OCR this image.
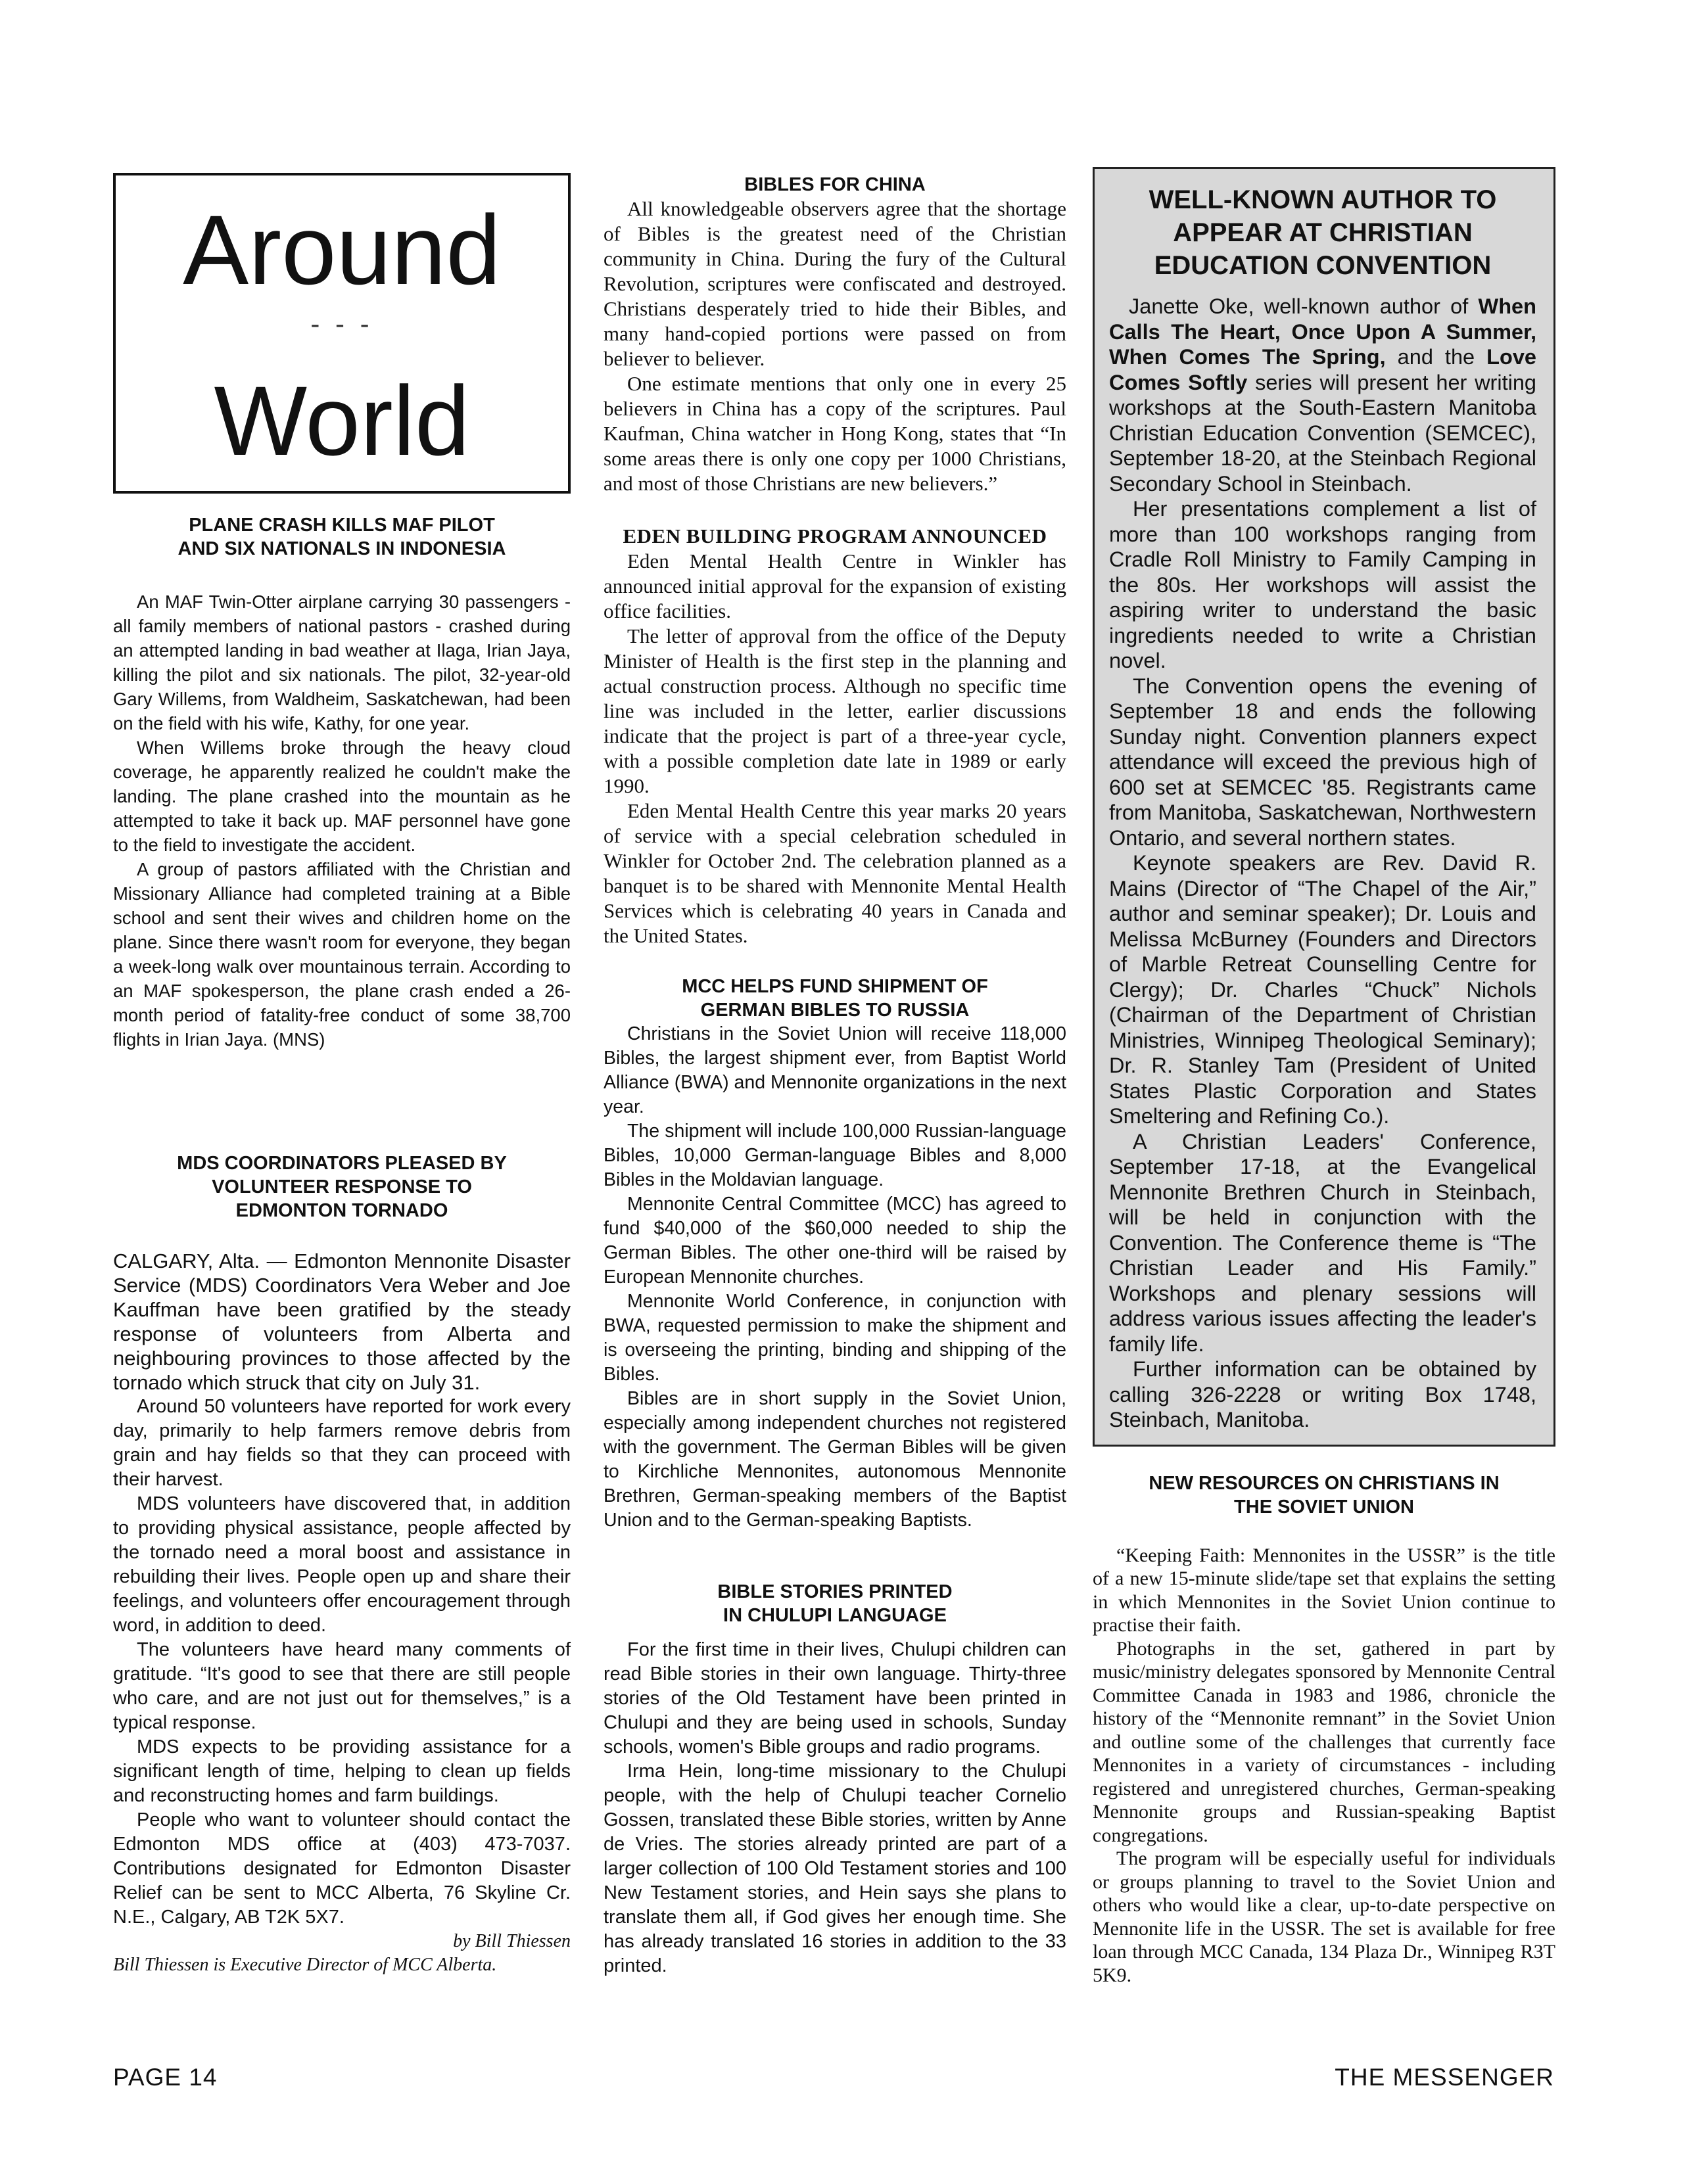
Around
- - -
World
PLANE CRASH KILLS MAF PILOT
AND SIX NATIONALS IN INDONESIA

An MAF Twin-Otter airplane carrying 30 passengers - all family members of national pastors - crashed during an attempted landing in bad weather at Ilaga, Irian Jaya, killing the pilot and six nationals. The pilot, 32-year-old Gary Willems, from Waldheim, Saskatchewan, had been on the field with his wife, Kathy, for one year.

When Willems broke through the heavy cloud coverage, he apparently realized he couldn't make the landing. The plane crashed into the mountain as he attempted to take it back up. MAF personnel have gone to the field to investigate the accident.

A group of pastors affiliated with the Christian and Missionary Alliance had completed training at a Bible school and sent their wives and children home on the plane. Since there wasn't room for everyone, they began a week-long walk over mountainous terrain. According to an MAF spokesperson, the plane crash ended a 26-month period of fatality-free conduct of some 38,700 flights in Irian Jaya. (MNS)

MDS COORDINATORS PLEASED BY
VOLUNTEER RESPONSE TO
EDMONTON TORNADO

CALGARY, Alta. — Edmonton Mennonite Disaster Service (MDS) Coordinators Vera Weber and Joe Kauffman have been gratified by the steady response of volunteers from Alberta and neighbouring provinces to those affected by the tornado which struck that city on July 31.

Around 50 volunteers have reported for work every day, primarily to help farmers remove debris from grain and hay fields so that they can proceed with their harvest.

MDS volunteers have discovered that, in addition to providing physical assistance, people affected by the tornado need a moral boost and assistance in rebuilding their lives. People open up and share their feelings, and volunteers offer encouragement through word, in addition to deed.

The volunteers have heard many comments of gratitude. “It's good to see that there are still people who care, and are not just out for themselves,” is a typical response.

MDS expects to be providing assistance for a significant length of time, helping to clean up fields and reconstructing homes and farm buildings.

People who want to volunteer should contact the Edmonton MDS office at (403) 473-7037. Contributions designated for Edmonton Disaster Relief can be sent to MCC Alberta, 76 Skyline Cr. N.E., Calgary, AB T2K 5X7.

by Bill Thiessen
Bill Thiessen is Executive Director of MCC Alberta.
BIBLES FOR CHINA

All knowledgeable observers agree that the shortage of Bibles is the greatest need of the Christian community in China. During the fury of the Cultural Revolution, scriptures were confiscated and destroyed. Christians desperately tried to hide their Bibles, and many hand-copied portions were passed on from believer to believer.

One estimate mentions that only one in every 25 believers in China has a copy of the scriptures. Paul Kaufman, China watcher in Hong Kong, states that “In some areas there is only one copy per 1000 Christians, and most of those Christians are new believers.”

EDEN BUILDING PROGRAM ANNOUNCED

Eden Mental Health Centre in Winkler has announced initial approval for the expansion of existing office facilities.

The letter of approval from the office of the Deputy Minister of Health is the first step in the planning and actual construction process. Although no specific time line was included in the letter, earlier discussions indicate that the project is part of a three-year cycle, with a possible completion date late in 1989 or early 1990.

Eden Mental Health Centre this year marks 20 years of service with a special celebration scheduled in Winkler for October 2nd. The celebration planned as a banquet is to be shared with Mennonite Mental Health Services which is celebrating 40 years in Canada and the United States.

MCC HELPS FUND SHIPMENT OF
GERMAN BIBLES TO RUSSIA

Christians in the Soviet Union will receive 118,000 Bibles, the largest shipment ever, from Baptist World Alliance (BWA) and Mennonite organizations in the next year.

The shipment will include 100,000 Russian-language Bibles, 10,000 German-language Bibles and 8,000 Bibles in the Moldavian language.

Mennonite Central Committee (MCC) has agreed to fund $40,000 of the $60,000 needed to ship the German Bibles. The other one-third will be raised by European Mennonite churches.

Mennonite World Conference, in conjunction with BWA, requested permission to make the shipment and is overseeing the printing, binding and shipping of the Bibles.

Bibles are in short supply in the Soviet Union, especially among independent churches not registered with the government. The German Bibles will be given to Kirchliche Mennonites, autonomous Mennonite Brethren, German-speaking members of the Baptist Union and to the German-speaking Baptists.

BIBLE STORIES PRINTED
IN CHULUPI LANGUAGE

For the first time in their lives, Chulupi children can read Bible stories in their own language. Thirty-three stories of the Old Testament have been printed in Chulupi and they are being used in schools, Sunday schools, women's Bible groups and radio programs.

Irma Hein, long-time missionary to the Chulupi people, with the help of Chulupi teacher Cornelio Gossen, translated these Bible stories, written by Anne de Vries. The stories already printed are part of a larger collection of 100 Old Testament stories and 100 New Testament stories, and Hein says she plans to translate them all, if God gives her enough time. She has already translated 16 stories in addition to the 33 printed.

WELL-KNOWN AUTHOR TO APPEAR AT CHRISTIAN EDUCATION CONVENTION

Janette Oke, well-known author of When Calls The Heart, Once Upon A Summer, When Comes The Spring, and the Love Comes Softly series will present her writing workshops at the South-Eastern Manitoba Christian Education Convention (SEMCEC), September 18-20, at the Steinbach Regional Secondary School in Steinbach.

Her presentations complement a list of more than 100 workshops ranging from Cradle Roll Ministry to Family Camping in the 80s. Her workshops will assist the aspiring writer to understand the basic ingredients needed to write a Christian novel.

The Convention opens the evening of September 18 and ends the following Sunday night. Convention planners expect attendance will exceed the previous high of 600 set at SEMCEC '85. Registrants came from Manitoba, Saskatchewan, Northwestern Ontario, and several northern states.

Keynote speakers are Rev. David R. Mains (Director of “The Chapel of the Air,” author and seminar speaker); Dr. Louis and Melissa McBurney (Founders and Directors of Marble Retreat Counselling Centre for Clergy); Dr. Charles “Chuck” Nichols (Chairman of the Department of Christian Ministries, Winnipeg Theological Seminary); Dr. R. Stanley Tam (President of United States Plastic Corporation and States Smeltering and Refining Co.).

A Christian Leaders' Conference, September 17-18, at the Evangelical Mennonite Brethren Church in Steinbach, will be held in conjunction with the Convention. The Conference theme is “The Christian Leader and His Family.” Workshops and plenary sessions will address various issues affecting the leader's family life.

Further information can be obtained by calling 326-2228 or writing Box 1748, Steinbach, Manitoba.

NEW RESOURCES ON CHRISTIANS IN
THE SOVIET UNION

“Keeping Faith: Mennonites in the USSR” is the title of a new 15-minute slide/tape set that explains the setting in which Mennonites in the Soviet Union continue to practise their faith.

Photographs in the set, gathered in part by music/ministry delegates sponsored by Mennonite Central Committee Canada in 1983 and 1986, chronicle the history of the “Mennonite remnant” in the Soviet Union and outline some of the challenges that currently face Mennonites in a variety of circumstances - including registered and unregistered churches, German-speaking Mennonite groups and Russian-speaking Baptist congregations.

The program will be especially useful for individuals or groups planning to travel to the Soviet Union and others who would like a clear, up-to-date perspective on Mennonite life in the USSR. The set is available for free loan through MCC Canada, 134 Plaza Dr., Winnipeg R3T 5K9.

PAGE 14	THE MESSENGER
